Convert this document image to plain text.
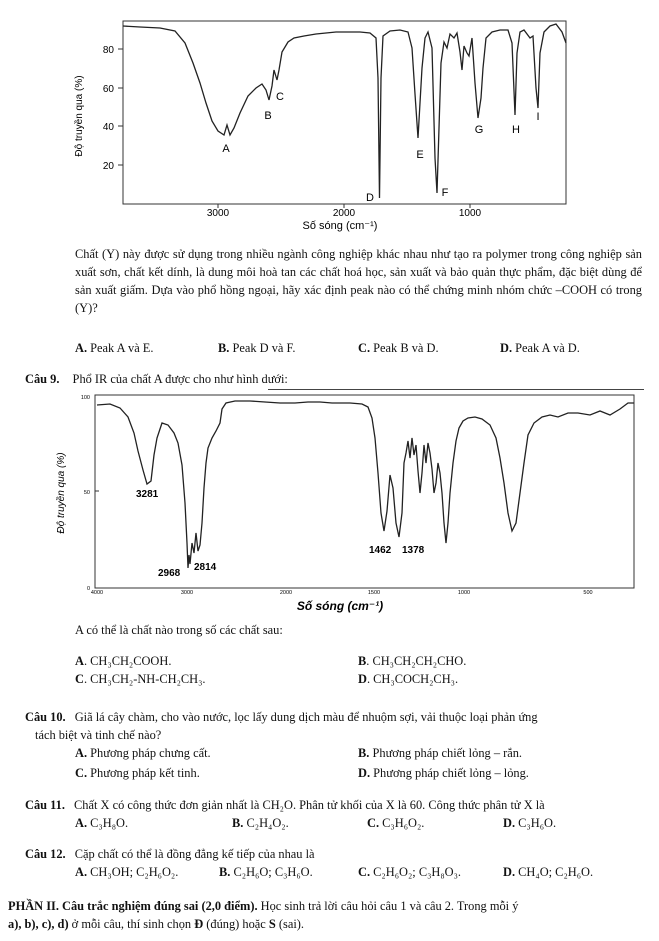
80
60
40
20
Độ truyền qua (%)
3000	2000	1000
Số sóng (cm⁻¹)
A
B
C
D
E
F
G	H
I
Chất (Y) này được sử dụng trong nhiều ngành công nghiệp khác nhau như tạo ra polymer trong công nghiệp sản xuất sơn, chất kết dính, là dung môi hoà tan các chất hoá học, sản xuất và bảo quản thực phẩm, đặc biệt dùng để sản xuất giấm. Dựa vào phổ hồng ngoại, hãy xác định peak nào có thể chứng minh nhóm chức –COOH có trong (Y)?
A. Peak A và E.	B. Peak D và F.	C. Peak B và D.	D. Peak A và D.
Câu 9. Phổ IR của chất A được cho như hình dưới:
100
50
0
Độ truyền qua (%)
4000	3000	2000	1500	1000	500
Số sóng (cm⁻¹)
3281
2968
2814
1462 1378
A có thể là chất nào trong số các chất sau:
A. CH₃CH₂COOH.	B. CH₃CH₂CH₂CHO.
C. CH₃CH₂-NH-CH₂CH₃.	D. CH₃COCH₂CH₃.
Câu 10. Giã lá cây chàm, cho vào nước, lọc lấy dung dịch màu để nhuộm sợi, vải thuộc loại phản ứng
tách biệt và tinh chế nào?
A. Phương pháp chưng cất.	B. Phương pháp chiết lỏng – rắn.
C. Phương pháp kết tinh.	D. Phương pháp chiết lỏng – lỏng.
Câu 11. Chất X có công thức đơn giản nhất là CH₂O. Phân tử khối của X là 60. Công thức phân tử X là
A. C₃H₈O.	B. C₂H₄O₂.	C. C₃H₆O₂.	D. C₃H₆O.
Câu 12. Cặp chất có thể là đồng đẳng kế tiếp của nhau là
A. CH₃OH; C₂H₆O₂.	B. C₂H₆O; C₃H₆O.	C. C₂H₆O₂; C₃H₈O₃.	D. CH₄O; C₂H₆O.
PHẦN II. Câu trắc nghiệm đúng sai (2,0 điểm). Học sinh trả lời câu hỏi câu 1 và câu 2. Trong mỗi ý
a), b), c), d) ở mỗi câu, thí sinh chọn Đ (đúng) hoặc S (sai).
